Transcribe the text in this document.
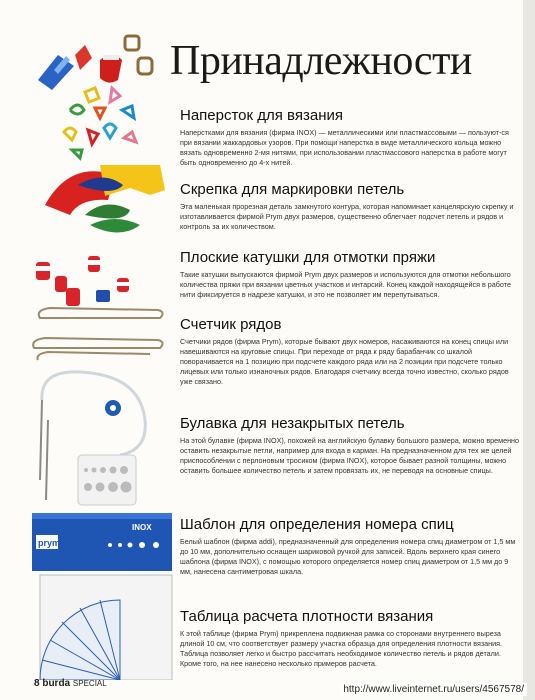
INOX
prym
Принадлежности
Наперсток для вязания

Наперстками для вязания (фирма INOX) — металлическими или пластмассовыми — пользуют-ся при вязании жаккардовых узоров. При помощи наперстка в виде металлического кольца можно вязать одновременно 2-мя нитями, при использовании пластмассового наперстка в работе могут быть одновременно до 4-х нитей.

Скрепка для маркировки петель

Эта маленькая прорезная деталь замкнутого контура, которая напоминает канцелярскую скрепку и изготавливается фирмой Prym двух размеров, существенно облегчает подсчет петель и рядов и контроль за их количеством.

Плоские катушки для отмотки пряжи

Такие катушки выпускаются фирмой Prym двух размеров и используются для отмотки небольшого количества пряжи при вязании цветных участков и интарсий. Конец каждой находящейся в работе нити фиксируется в надрезе катушки, и это не позволяет им перепутываться.

Счетчик рядов

Счетчики рядов (фирма Prym), которые бывают двух номеров, насаживаются на конец спицы или навешиваются на круговые спицы. При переходе от ряда к ряду барабанчик со шкалой поворачивается на 1 позицию при подсчете каждого ряда или на 2 позиции при подсчете только лицевых или только изнаночных рядов. Благодаря счетчику всегда точно известно, сколько рядов уже связано.

Булавка для незакрытых петель

На этой булавке (фирма INOX), похожей на английскую булавку большого размера, можно временно оставить незакрытые петли, например для входа в карман. На предназначенном для тех же целей приспособлении с перлоновым тросиком (фирма INOX), которое бывает разной толщины, можно оставить большее количество петель и затем провязать их, не переводя на основные спицы.

Шаблон для определения номера спиц

Белый шаблон (фирма addi), предназначенный для определения номера спиц диаметром от 1,5 мм до 10 мм, дополнительно оснащен шариковой ручкой для записей. Вдоль верхнего края синего шаблона (фирма INOX), с помощью которого определяется номер спиц диаметром от 1,5 мм до 9 мм, нанесена сантиметровая шкала.

Таблица расчета плотности вязания

К этой таблице (фирма Prym) прикреплена подвижная рамка со сторонами внутреннего выреза длиной 10 см, что соответствует размеру участка образца для определения плотности вязания. Таблица позволяет легко и быстро рассчитать необходимое количество петель и рядов детали. Кроме того, на нее нанесено несколько примеров расчета.

8 burda SPECIAL
http://www.liveinternet.ru/users/4567578/
